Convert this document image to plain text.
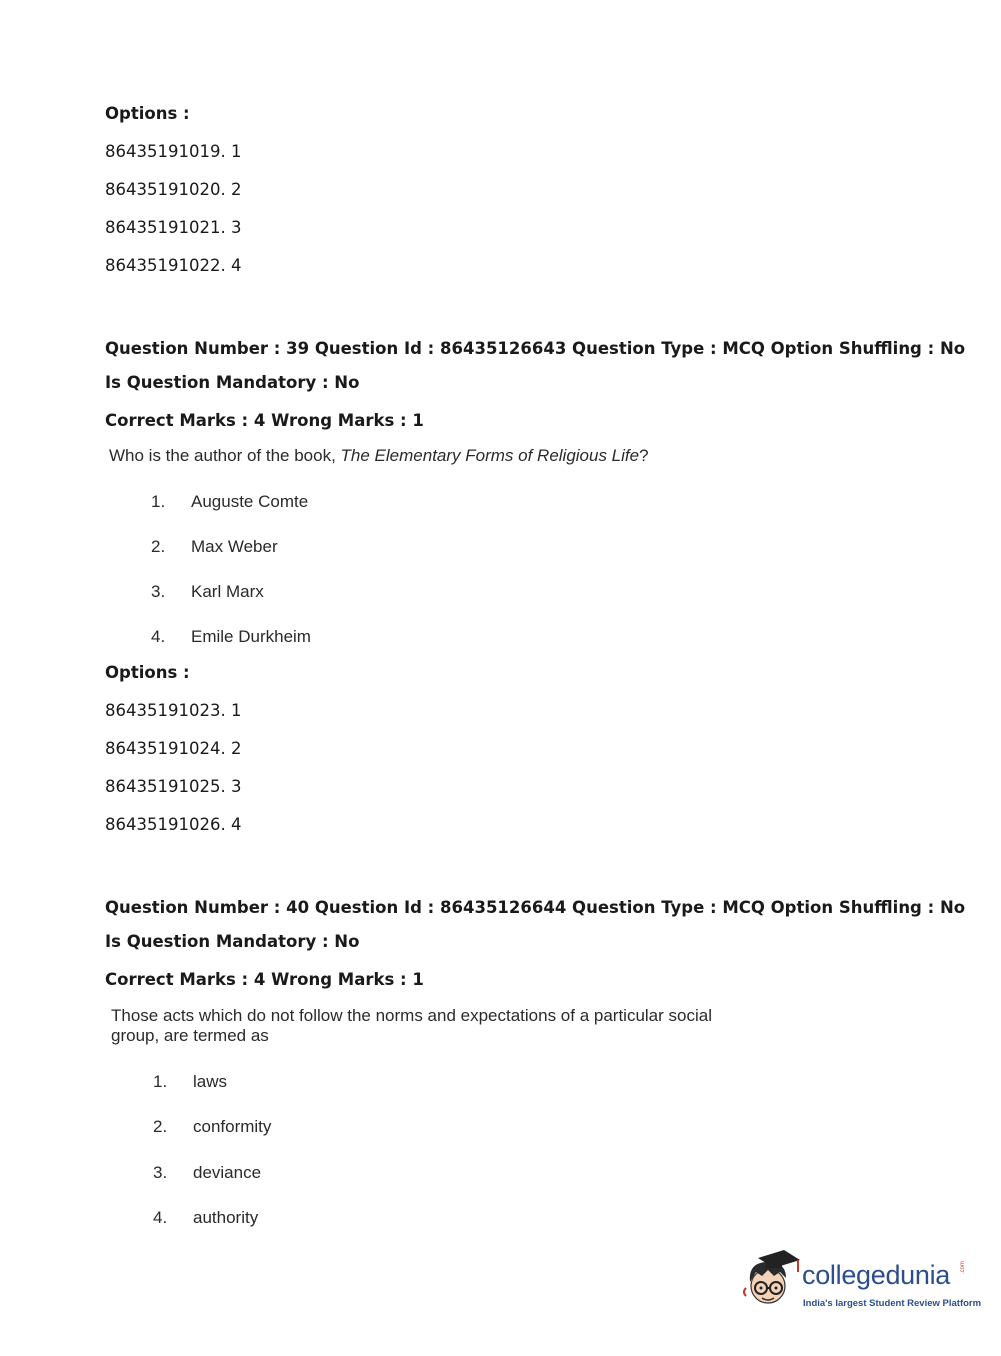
Options :
86435191019. 1
86435191020. 2
86435191021. 3
86435191022. 4
Question Number : 39 Question Id : 86435126643 Question Type : MCQ Option Shuffling : No
Is Question Mandatory : No
Correct Marks : 4 Wrong Marks : 1
Who is the author of the book, The Elementary Forms of Religious Life?
1. Auguste Comte
2. Max Weber
3. Karl Marx
4. Emile Durkheim
Options :
86435191023. 1
86435191024. 2
86435191025. 3
86435191026. 4
Question Number : 40 Question Id : 86435126644 Question Type : MCQ Option Shuffling : No
Is Question Mandatory : No
Correct Marks : 4 Wrong Marks : 1
Those acts which do not follow the norms and expectations of a particular social
group, are termed as
1. laws
2. conformity
3. deviance
4. authority
collegedunia .com
India's largest Student Review Platform
